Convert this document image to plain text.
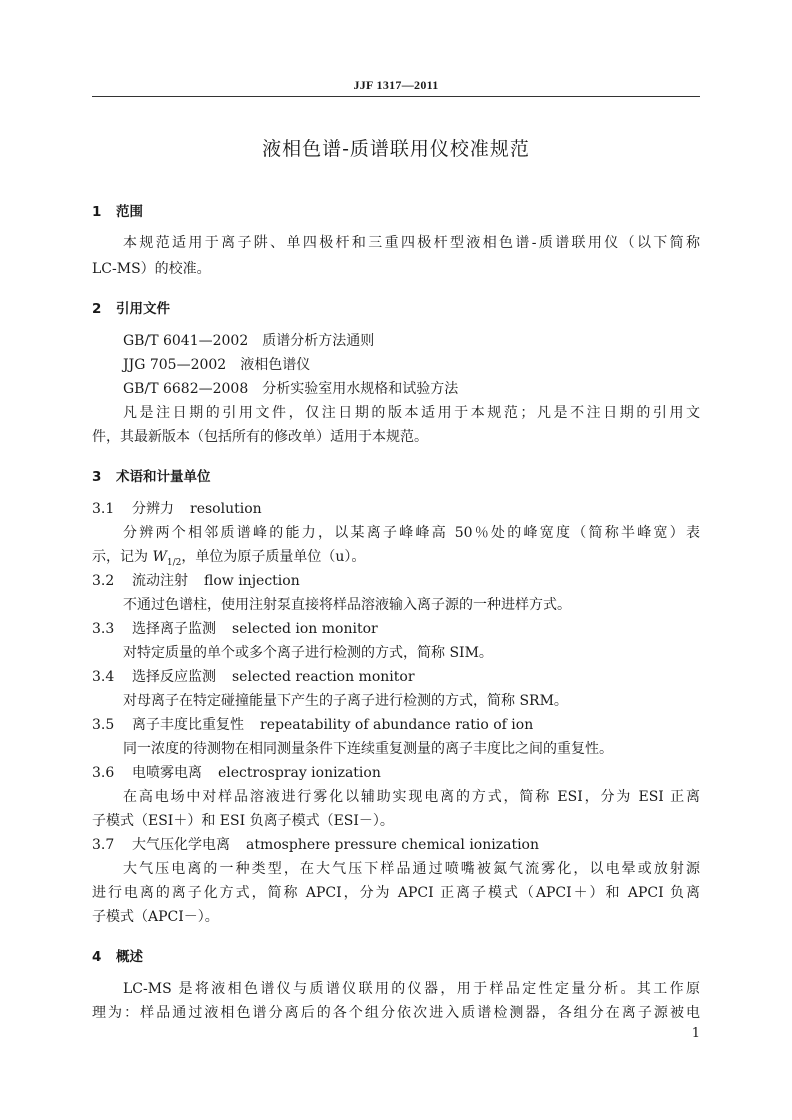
JJF 1317—2011
液相色谱-质谱联用仪校准规范
1 范围
本规范适用于离子阱、单四极杆和三重四极杆型液相色谱-质谱联用仪（以下简称
LC-MS）的校准。
2 引用文件
GB/T 6041—2002　质谱分析方法通则
JJG 705—2002　液相色谱仪
GB/T 6682—2008　分析实验室用水规格和试验方法
凡是注日期的引用文件，仅注日期的版本适用于本规范；凡是不注日期的引用文
件，其最新版本（包括所有的修改单）适用于本规范。
3 术语和计量单位
3.1 分辨力 resolution
分辨两个相邻质谱峰的能力，以某离子峰峰高 50％处的峰宽度（简称半峰宽）表
示，记为 $W_{1/2}$，单位为原子质量单位（u）。
3.2 流动注射 flow injection
不通过色谱柱，使用注射泵直接将样品溶液输入离子源的一种进样方式。
3.3 选择离子监测 selected ion monitor
对特定质量的单个或多个离子进行检测的方式，简称 SIM。
3.4 选择反应监测 selected reaction monitor
对母离子在特定碰撞能量下产生的子离子进行检测的方式，简称 SRM。
3.5 离子丰度比重复性 repeatability of abundance ratio of ion
同一浓度的待测物在相同测量条件下连续重复测量的离子丰度比之间的重复性。
3.6 电喷雾电离 electrospray ionization
在高电场中对样品溶液进行雾化以辅助实现电离的方式，简称 ESI，分为 ESI 正离
子模式（ESI＋）和 ESI 负离子模式（ESI－）。
3.7 大气压化学电离 atmosphere pressure chemical ionization
大气压电离的一种类型，在大气压下样品通过喷嘴被氮气流雾化，以电晕或放射源
进行电离的离子化方式，简称 APCI，分为 APCI 正离子模式（APCI＋）和 APCI 负离
子模式（APCI－）。
4 概述
LC-MS 是将液相色谱仪与质谱仪联用的仪器，用于样品定性定量分析。其工作原
理为：样品通过液相色谱分离后的各个组分依次进入质谱检测器，各组分在离子源被电
1
